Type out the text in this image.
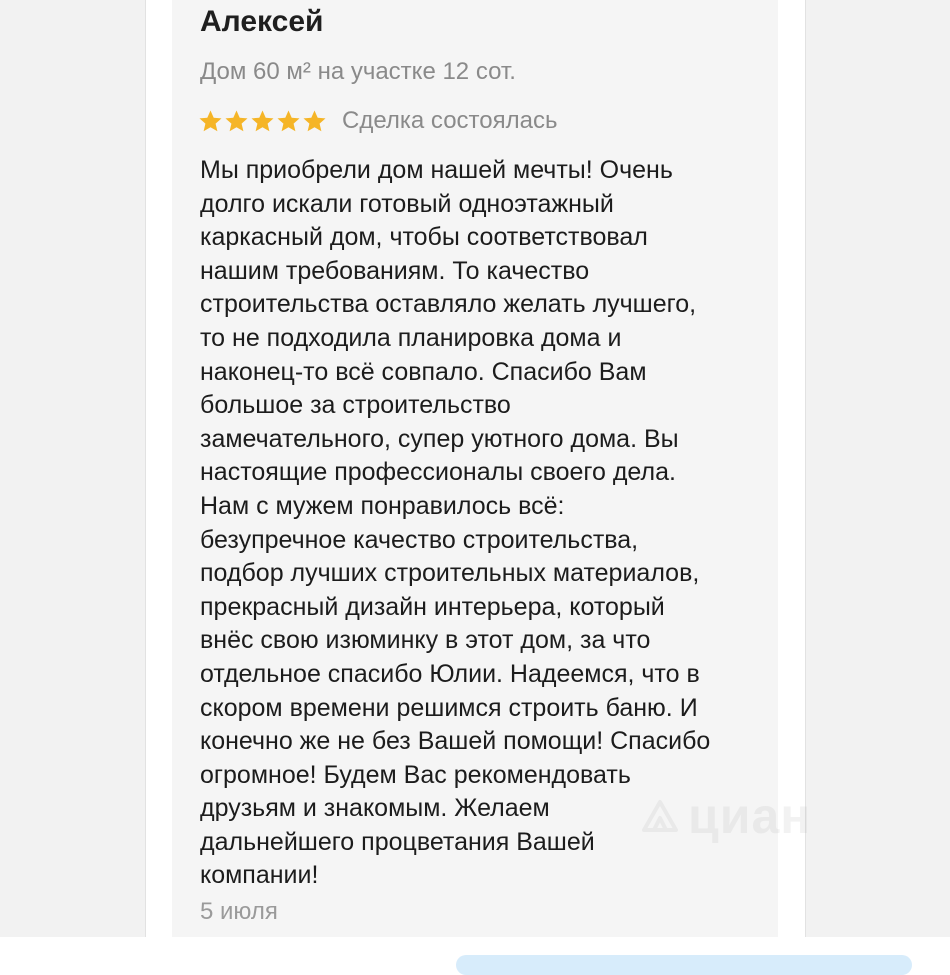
Алексей
Дом 60 м² на участке 12 сот.
Сделка состоялась
Мы приобрели дом нашей мечты! Очень
долго искали готовый одноэтажный
каркасный дом, чтобы соответствовал
нашим требованиям. То качество
строительства оставляло желать лучшего,
то не подходила планировка дома и
наконец-то всё совпало. Спасибо Вам
большое за строительство
замечательного, супер уютного дома. Вы
настоящие профессионалы своего дела.
Нам с мужем понравилось всё:
безупречное качество строительства,
подбор лучших строительных материалов,
прекрасный дизайн интерьера, который
внёс свою изюминку в этот дом, за что
отдельное спасибо Юлии. Надеемся, что в
скором времени решимся строить баню. И
конечно же не без Вашей помощи! Спасибо
огромное! Будем Вас рекомендовать
друзьям и знакомым. Желаем
дальнейшего процветания Вашей
компании!
5 июля
циан
